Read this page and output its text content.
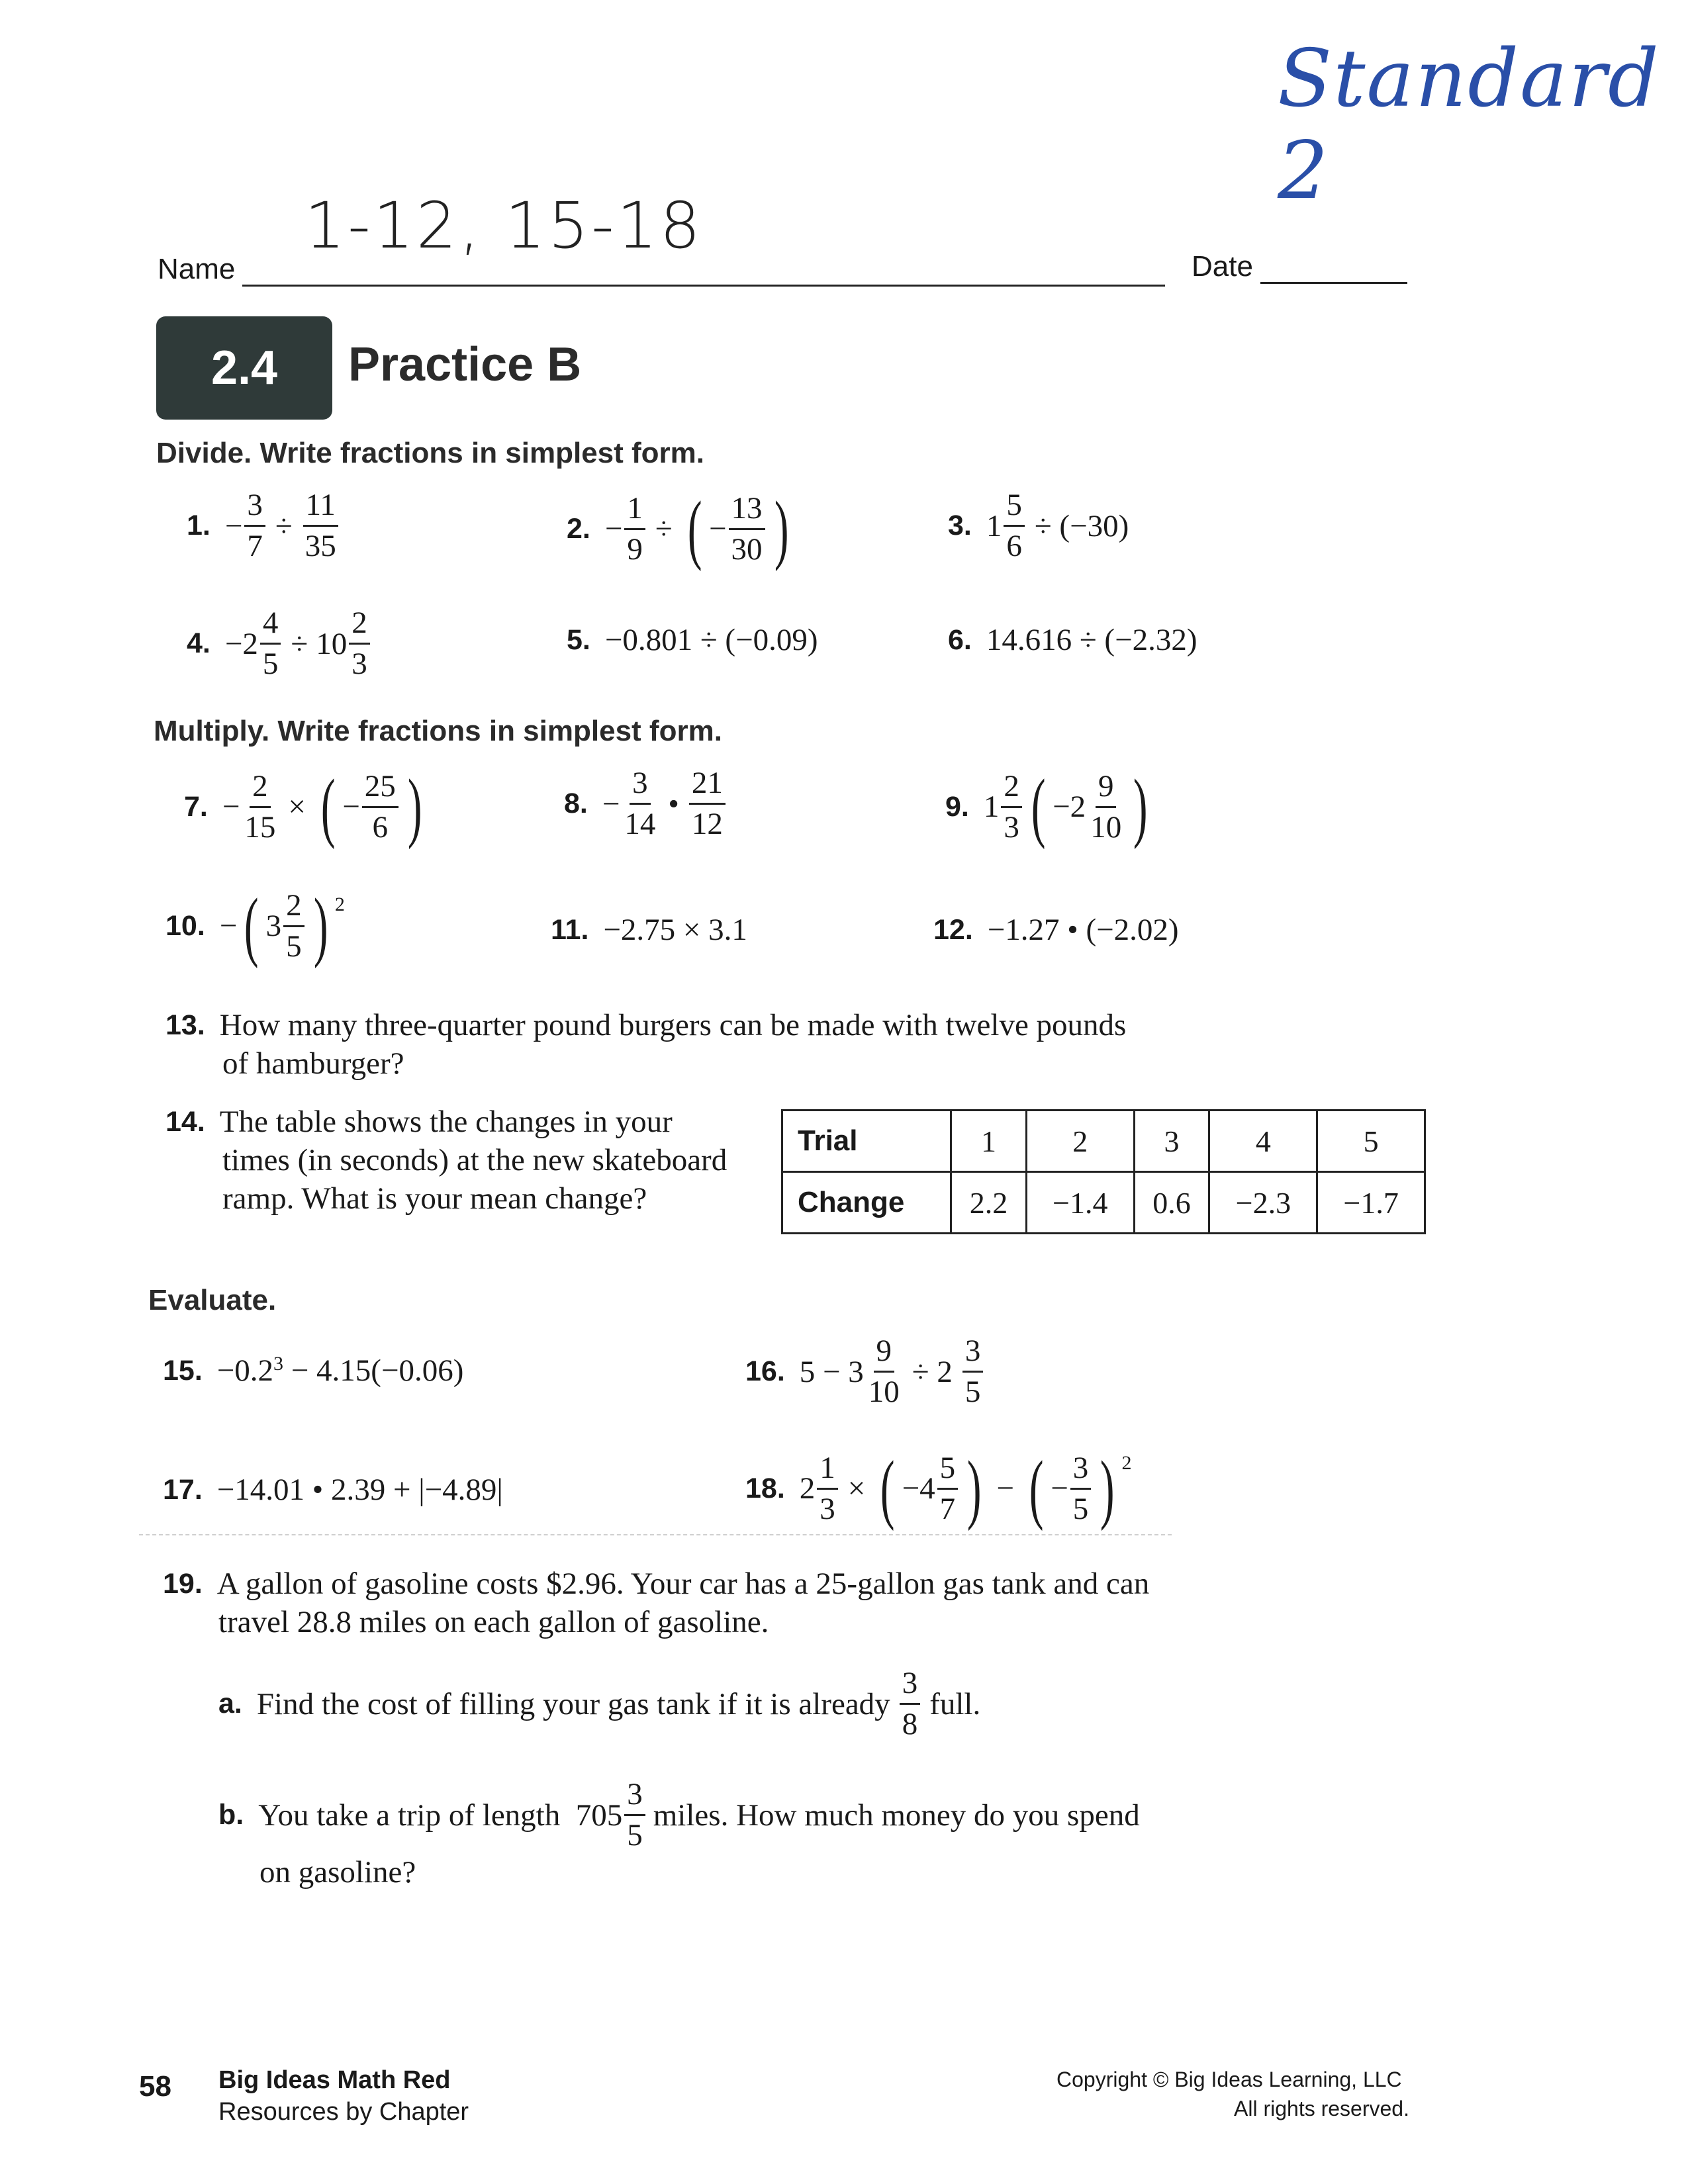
Standard 2
1-12, 15-18
Name	Date
2.4	Practice B
Divide. Write fractions in simplest form.
1. − $\frac{3}{7} \div \frac{11}{35}$	2. − $\frac{1}{9}$ ÷ ( − $\frac{13}{30}$ )	3. $1 \frac{5}{6} \div (-30)$
4. $-2 \frac{4}{5} \div 10 \frac{2}{3}$	5. −0.801 ÷ (−0.09)	6. 14.616 ÷ (−2.32)
Multiply. Write fractions in simplest form.
7. − $\frac{2}{15}$ × ( − $\frac{25}{6}$ )	8. − $\frac{3}{14}$ • $\frac{21}{12}$	9. $1 \frac{2}{3}$ ( $-2 \frac{9}{10}$ )
10. − ( $3 \frac{2}{5}$ ) $^2$
11. −2.75 × 3.1	12. −1.27 • (−2.02)
13. How many three-quarter pound burgers can be made with twelve pounds
of hamburger?
14. The table shows the changes in your
times (in seconds) at the new skateboard
ramp. What is your mean change?
Trial	1	2	3	4	5
Change	2.2	−1.4	0.6	−2.3	−1.7
Evaluate.
15. $-0.2^3 - 4.15(-0.06)$	16. $5 - 3 \frac{9}{10} \div 2 \frac{3}{5}$
17. −14.01 • 2.39 + |−4.89|	18. $2 \frac{1}{3}$ × ( $-4 \frac{5}{7}$ ) − ( − $\frac{3}{5}$ ) $^2$
19. A gallon of gasoline costs $2.96. Your car has a 25-gallon gas tank and can
travel 28.8 miles on each gallon of gasoline.
a. Find the cost of filling your gas tank if it is already $\frac{3}{8}$ full.
b. You take a trip of length  $705 \frac{3}{5}$ miles. How much money do you spend
on gasoline?
58 Big Ideas Math Red
Resources by Chapter
Copyright © Big Ideas Learning, LLC
All rights reserved.
